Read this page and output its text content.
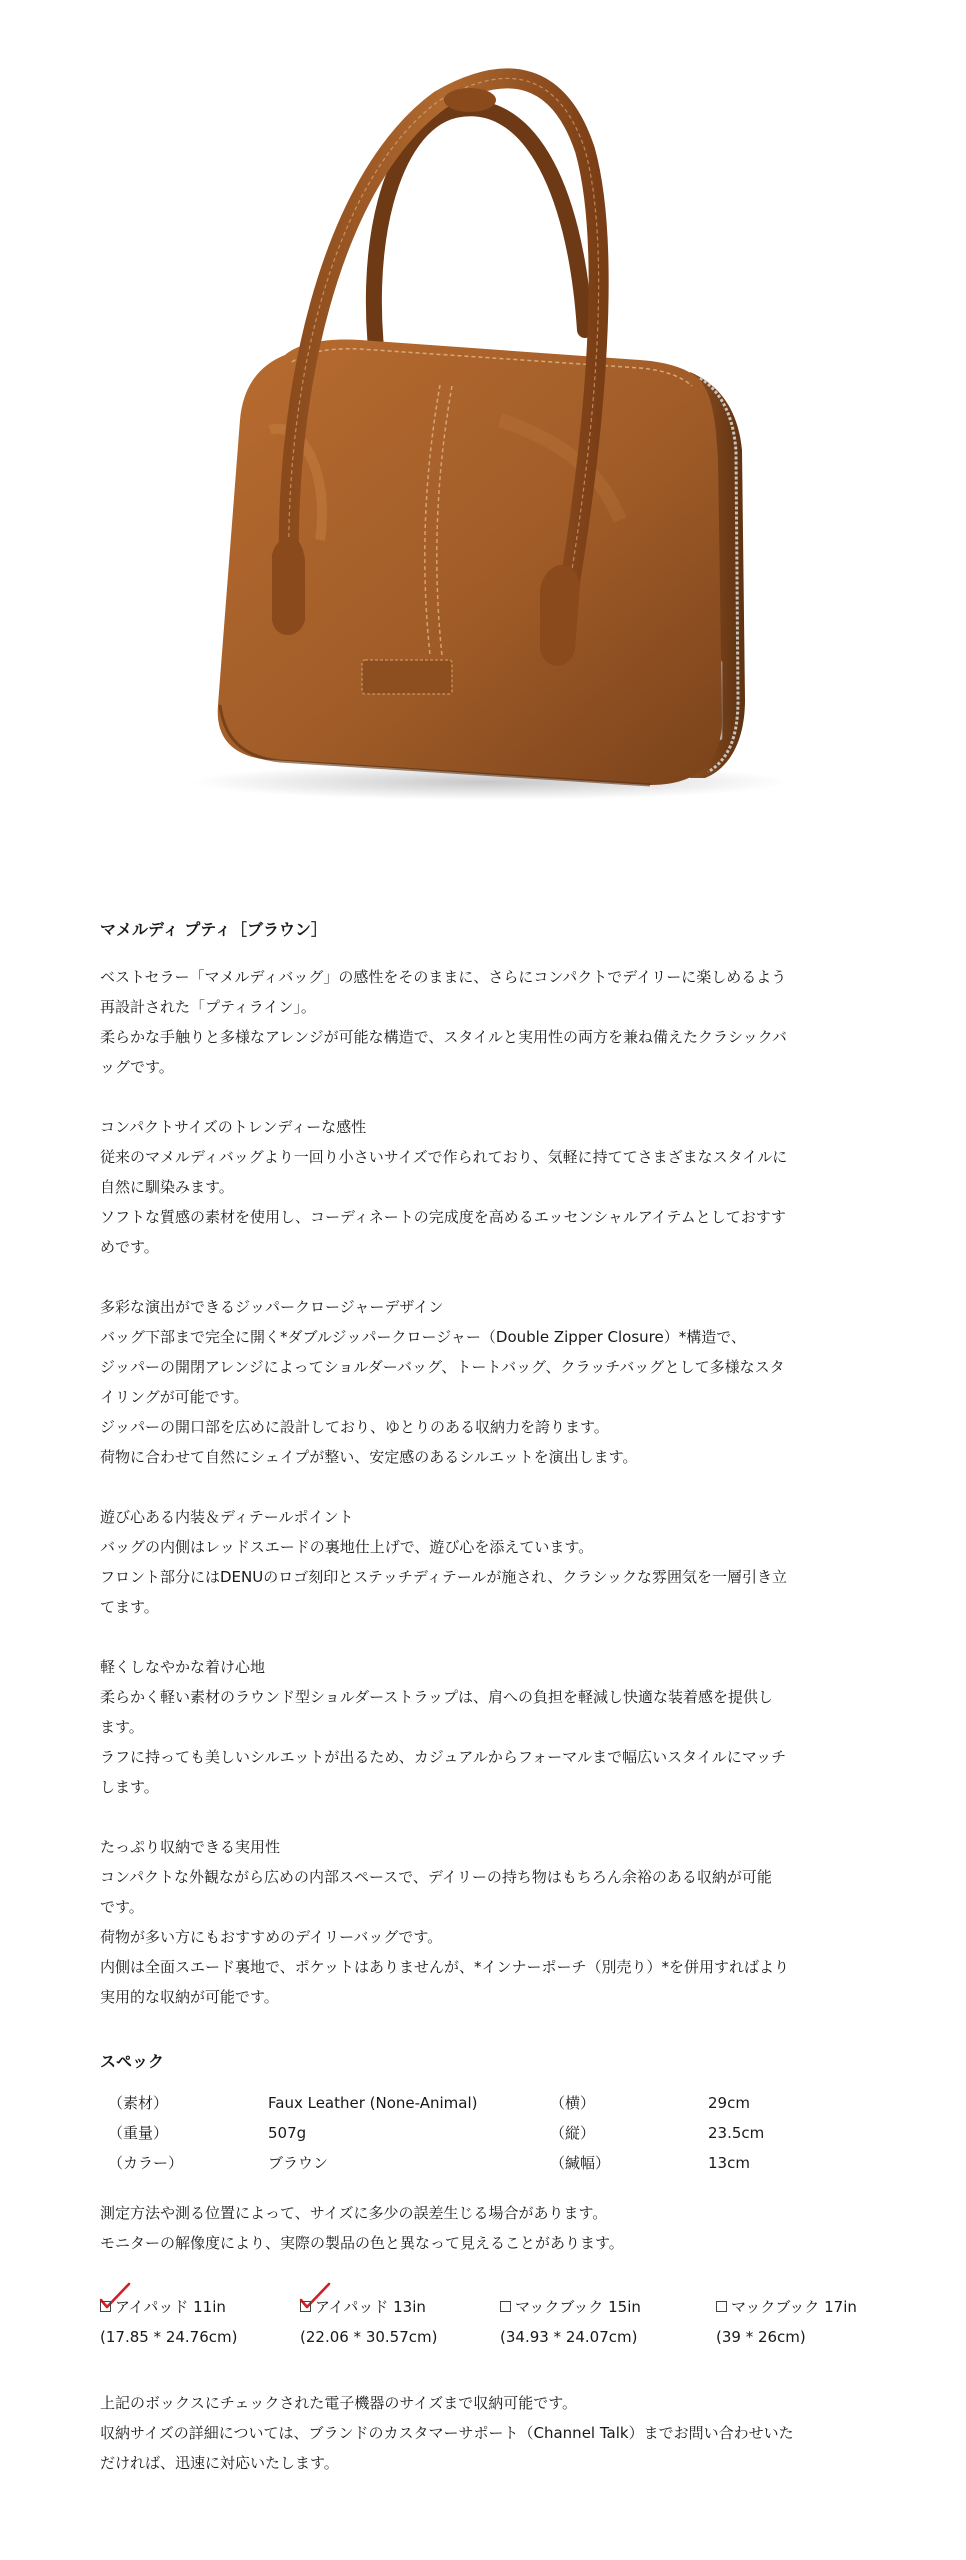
マメルディ プティ［ブラウン］
ベストセラー「マメルディバッグ」の感性をそのままに、さらにコンパクトでデイリーに楽しめるよう
再設計された「プティライン」。
柔らかな手触りと多様なアレンジが可能な構造で、スタイルと実用性の両方を兼ね備えたクラシックバ
ッグです。
コンパクトサイズのトレンディーな感性
従来のマメルディバッグより一回り小さいサイズで作られており、気軽に持ててさまざまなスタイルに
自然に馴染みます。
ソフトな質感の素材を使用し、コーディネートの完成度を高めるエッセンシャルアイテムとしておすす
めです。
多彩な演出ができるジッパークロージャーデザイン
バッグ下部まで完全に開く*ダブルジッパークロージャー（Double Zipper Closure）*構造で、
ジッパーの開閉アレンジによってショルダーバッグ、トートバッグ、クラッチバッグとして多様なスタ
イリングが可能です。
ジッパーの開口部を広めに設計しており、ゆとりのある収納力を誇ります。
荷物に合わせて自然にシェイプが整い、安定感のあるシルエットを演出します。
遊び心ある内装＆ディテールポイント
バッグの内側はレッドスエードの裏地仕上げで、遊び心を添えています。
フロント部分にはDENUのロゴ刻印とステッチディテールが施され、クラシックな雰囲気を一層引き立
てます。
軽くしなやかな着け心地
柔らかく軽い素材のラウンド型ショルダーストラップは、肩への負担を軽減し快適な装着感を提供し
ます。
ラフに持っても美しいシルエットが出るため、カジュアルからフォーマルまで幅広いスタイルにマッチ
します。
たっぷり収納できる実用性
コンパクトな外観ながら広めの内部スペースで、デイリーの持ち物はもちろん余裕のある収納が可能
です。
荷物が多い方にもおすすめのデイリーバッグです。
内側は全面スエード裏地で、ポケットはありませんが、*インナーポーチ（別売り）*を併用すればより
実用的な収納が可能です。
スペック
（素材）	Faux Leather (None-Animal)	（横）	29cm
（重量）	507g	（縦）	23.5cm
（カラー）	ブラウン	（緘幅）	13cm
測定方法や測る位置によって、サイズに多少の誤差生じる場合があります。
モニターの解像度により、実際の製品の色と異なって見えることがあります。
アイパッド 11in
(17.85 * 24.76cm)
アイパッド 13in
(22.06 * 30.57cm)
マックブック 15in
(34.93 * 24.07cm)
マックブック 17in
(39 * 26cm)
上記のボックスにチェックされた電子機器のサイズまで収納可能です。
収納サイズの詳細については、ブランドのカスタマーサポート（Channel Talk）までお問い合わせいた
だければ、迅速に対応いたします。
